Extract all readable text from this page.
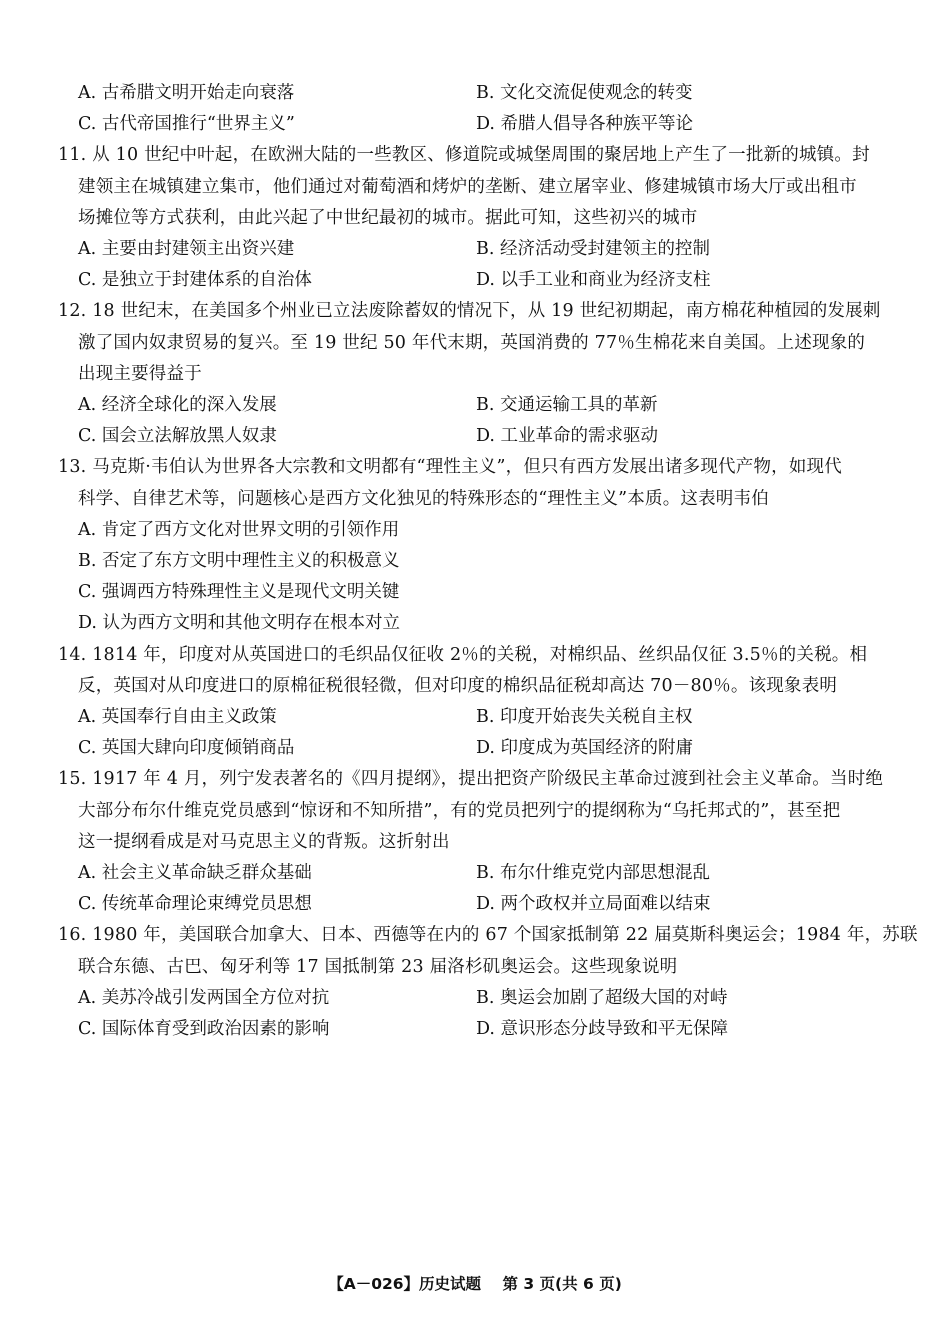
A. 古希腊文明开始走向衰落	B. 文化交流促使观念的转变
C. 古代帝国推行“世界主义”	D. 希腊人倡导各种族平等论
11. 从 10 世纪中叶起，在欧洲大陆的一些教区、修道院或城堡周围的聚居地上产生了一批新的城镇。封
建领主在城镇建立集市，他们通过对葡萄酒和烤炉的垄断、建立屠宰业、修建城镇市场大厅或出租市
场摊位等方式获利，由此兴起了中世纪最初的城市。据此可知，这些初兴的城市
A. 主要由封建领主出资兴建	B. 经济活动受封建领主的控制
C. 是独立于封建体系的自治体	D. 以手工业和商业为经济支柱
12. 18 世纪末，在美国多个州业已立法废除蓄奴的情况下，从 19 世纪初期起，南方棉花种植园的发展刺
激了国内奴隶贸易的复兴。至 19 世纪 50 年代末期，英国消费的 77％生棉花来自美国。上述现象的
出现主要得益于
A. 经济全球化的深入发展	B. 交通运输工具的革新
C. 国会立法解放黑人奴隶	D. 工业革命的需求驱动
13. 马克斯·韦伯认为世界各大宗教和文明都有“理性主义”，但只有西方发展出诸多现代产物，如现代
科学、自律艺术等，问题核心是西方文化独见的特殊形态的“理性主义”本质。这表明韦伯
A. 肯定了西方文化对世界文明的引领作用
B. 否定了东方文明中理性主义的积极意义
C. 强调西方特殊理性主义是现代文明关键
D. 认为西方文明和其他文明存在根本对立
14. 1814 年，印度对从英国进口的毛织品仅征收 2％的关税，对棉织品、丝织品仅征 3.5％的关税。相
反，英国对从印度进口的原棉征税很轻微，但对印度的棉织品征税却高达 70－80％。该现象表明
A. 英国奉行自由主义政策	B. 印度开始丧失关税自主权
C. 英国大肆向印度倾销商品	D. 印度成为英国经济的附庸
15. 1917 年 4 月，列宁发表著名的《四月提纲》，提出把资产阶级民主革命过渡到社会主义革命。当时绝
大部分布尔什维克党员感到“惊讶和不知所措”，有的党员把列宁的提纲称为“乌托邦式的”，甚至把
这一提纲看成是对马克思主义的背叛。这折射出
A. 社会主义革命缺乏群众基础	B. 布尔什维克党内部思想混乱
C. 传统革命理论束缚党员思想	D. 两个政权并立局面难以结束
16. 1980 年，美国联合加拿大、日本、西德等在内的 67 个国家抵制第 22 届莫斯科奥运会；1984 年，苏联
联合东德、古巴、匈牙利等 17 国抵制第 23 届洛杉矶奥运会。这些现象说明
A. 美苏冷战引发两国全方位对抗	B. 奥运会加剧了超级大国的对峙
C. 国际体育受到政治因素的影响	D. 意识形态分歧导致和平无保障
【A－026】历史试题 第 3 页(共 6 页)
